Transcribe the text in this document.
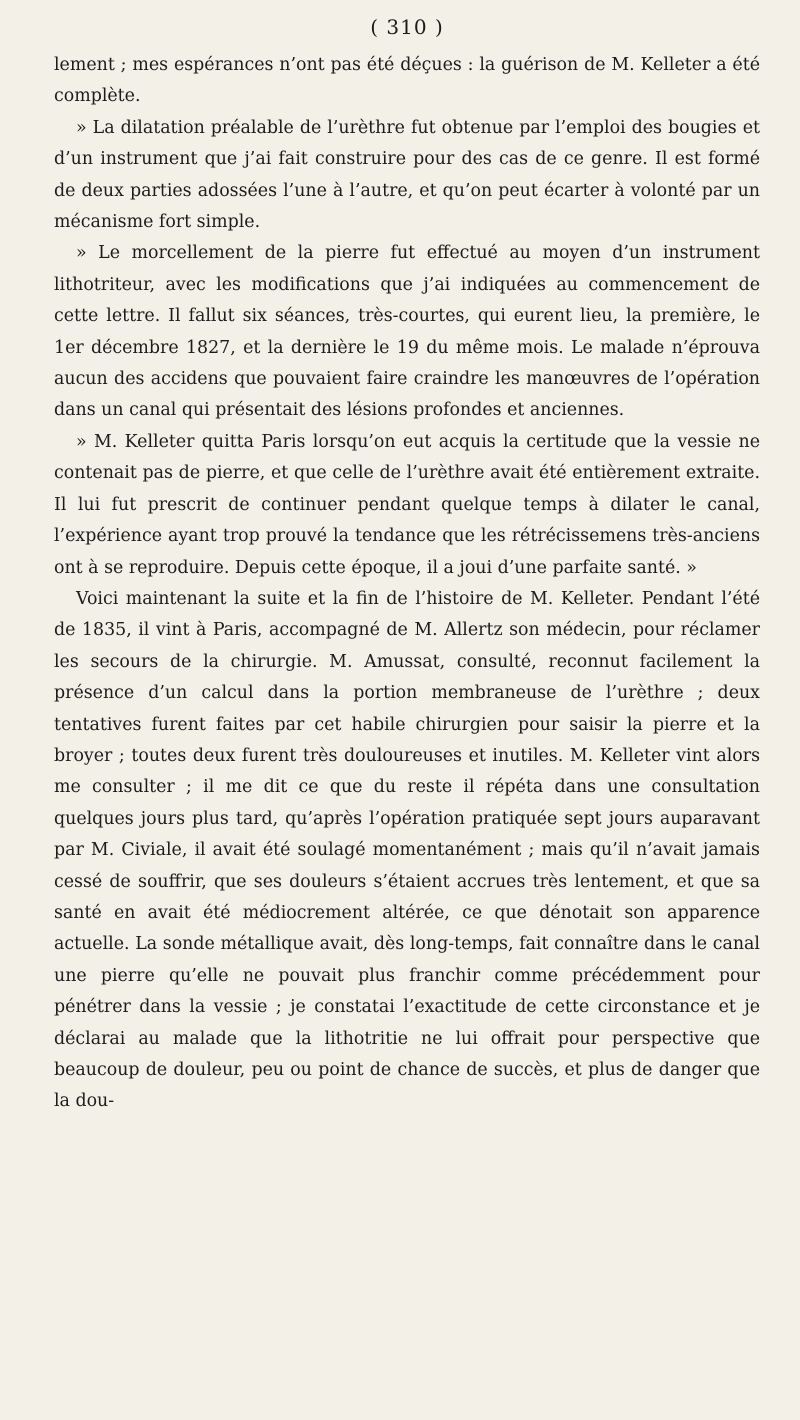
( 310 )

lement ; mes espérances n’ont pas été déçues : la guérison de M. Kelleter a été complète.

» La dilatation préalable de l’urèthre fut obtenue par l’emploi des bougies et d’un instrument que j’ai fait construire pour des cas de ce genre. Il est formé de deux parties adossées l’une à l’autre, et qu’on peut écarter à volonté par un mécanisme fort simple.

» Le morcellement de la pierre fut effectué au moyen d’un instrument lithotriteur, avec les modifications que j’ai indiquées au commencement de cette lettre. Il fallut six séances, très-courtes, qui eurent lieu, la première, le 1er décembre 1827, et la dernière le 19 du même mois. Le malade n’éprouva aucun des accidens que pouvaient faire craindre les manœuvres de l’opération dans un canal qui présentait des lésions profondes et anciennes.

» M. Kelleter quitta Paris lorsqu’on eut acquis la certitude que la vessie ne contenait pas de pierre, et que celle de l’urèthre avait été entièrement extraite. Il lui fut prescrit de continuer pendant quelque temps à dilater le canal, l’expérience ayant trop prouvé la tendance que les rétrécissemens très-anciens ont à se reproduire. Depuis cette époque, il a joui d’une parfaite santé. »

Voici maintenant la suite et la fin de l’histoire de M. Kelleter. Pendant l’été de 1835, il vint à Paris, accompagné de M. Allertz son médecin, pour réclamer les secours de la chirurgie. M. Amussat, consulté, reconnut facilement la présence d’un calcul dans la portion membraneuse de l’urèthre ; deux tentatives furent faites par cet habile chirurgien pour saisir la pierre et la broyer ; toutes deux furent très douloureuses et inutiles. M. Kelleter vint alors me consulter ; il me dit ce que du reste il répéta dans une consultation quelques jours plus tard, qu’après l’opération pratiquée sept jours auparavant par M. Civiale, il avait été soulagé momentanément ; mais qu’il n’avait jamais cessé de souffrir, que ses douleurs s’étaient accrues très lentement, et que sa santé en avait été médiocrement altérée, ce que dénotait son apparence actuelle. La sonde métallique avait, dès long-temps, fait connaître dans le canal une pierre qu’elle ne pouvait plus franchir comme précédemment pour pénétrer dans la vessie ; je constatai l’exactitude de cette circonstance et je déclarai au malade que la lithotritie ne lui offrait pour perspective que beaucoup de douleur, peu ou point de chance de succès, et plus de danger que la dou-
